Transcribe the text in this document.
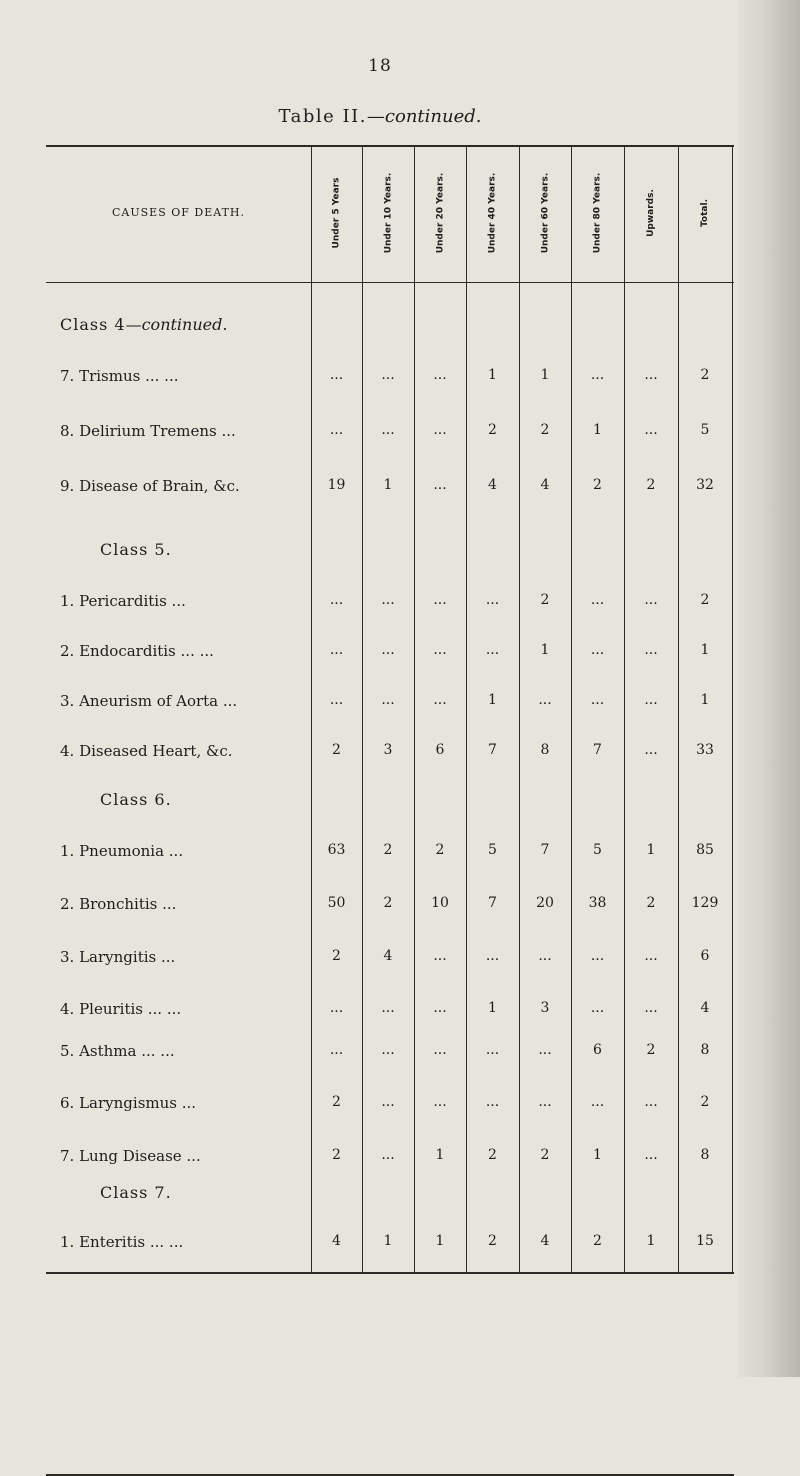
18
Table II.—continued.
CAUSES OF DEATH.	Under 5 Years	Under 10 Years.	Under 20 Years.	Under 40 Years.	Under 60 Years.	Under 80 Years.	Upwards.	Total.
Class 4—continued.
7. Trismus ... ...	...	...	...	1	1	...	...	2
8. Delirium Tremens ...	...	...	...	2	2	1	...	5
9. Disease of Brain, &c.	19	1	...	4	4	2	2	32
Class 5.
1. Pericarditis ...	...	...	...	...	2	...	...	2
2. Endocarditis ... ...	...	...	...	...	1	...	...	1
3. Aneurism of Aorta ...	...	...	...	1	...	...	...	1
4. Diseased Heart, &c.	2	3	6	7	8	7	...	33
Class 6.
1. Pneumonia ...	63	2	2	5	7	5	1	85
2. Bronchitis ...	50	2	10	7	20	38	2	129
3. Laryngitis ...	2	4	...	...	...	...	...	6
4. Pleuritis ... ...	...	...	...	1	3	...	...	4
5. Asthma ... ...	...	...	...	...	...	6	2	8
6. Laryngismus ...	2	...	...	...	...	...	...	2
7. Lung Disease ...	2	...	1	2	2	1	...	8
Class 7.
1. Enteritis ... ...	4	1	1	2	4	2	1	15
